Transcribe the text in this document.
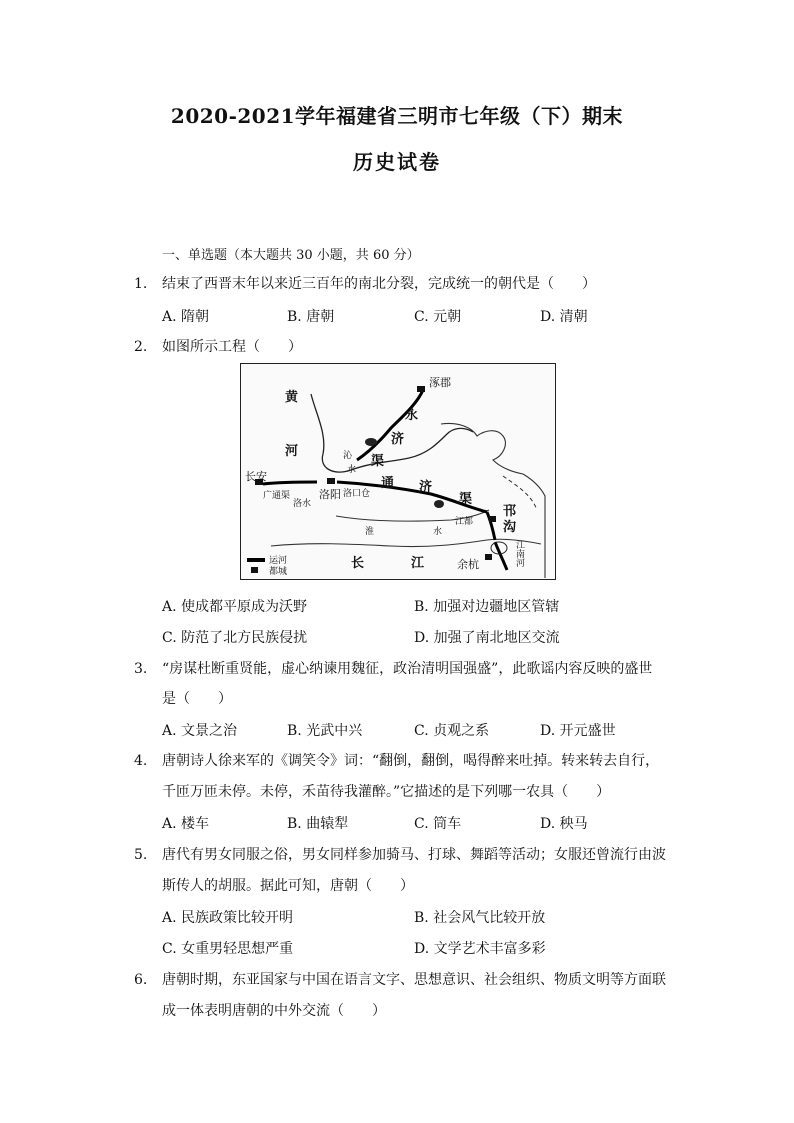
2020-2021学年福建省三明市七年级（下）期末
历史试卷
一、单选题（本大题共 30 小题，共 60 分）
1.	结束了西晋末年以来近三百年的南北分裂，完成统一的朝代是（　　）
A. 隋朝	B. 唐朝	C. 元朝	D. 清朝
2.	如图所示工程（　　）
黄
河
涿郡
永
济
渠
沁
水
长安
广通渠
洛水
洛阳 洛口仓
通 济
渠
淮	水
江都
邗
沟
长	江	余杭	江南河
运河
都城
A. 使成都平原成为沃野	B. 加强对边疆地区管辖
C. 防范了北方民族侵扰	D. 加强了南北地区交流
3.	“房谋杜断重贤能，虚心纳谏用魏征，政治清明国强盛”，此歌谣内容反映的盛世
是（　　）
A. 文景之治	B. 光武中兴	C. 贞观之系	D. 开元盛世
4.	唐朝诗人徐来军的《调笑令》词：“翻倒，翻倒，喝得醉来吐掉。转来转去自行，
千匝万匝未停。未停，禾苗待我灌醉。”它描述的是下列哪一农具（　　）
A. 楼车	B. 曲辕犁	C. 筒车	D. 秧马
5.	唐代有男女同服之俗，男女同样参加骑马、打球、舞蹈等活动；女服还曾流行由波
斯传人的胡服。据此可知，唐朝（　　）
A. 民族政策比较开明	B. 社会风气比较开放
C. 女重男轻思想严重	D. 文学艺术丰富多彩
6.	唐朝时期，东亚国家与中国在语言文字、思想意识、社会组织、物质文明等方面联
成一体表明唐朝的中外交流（　　）
